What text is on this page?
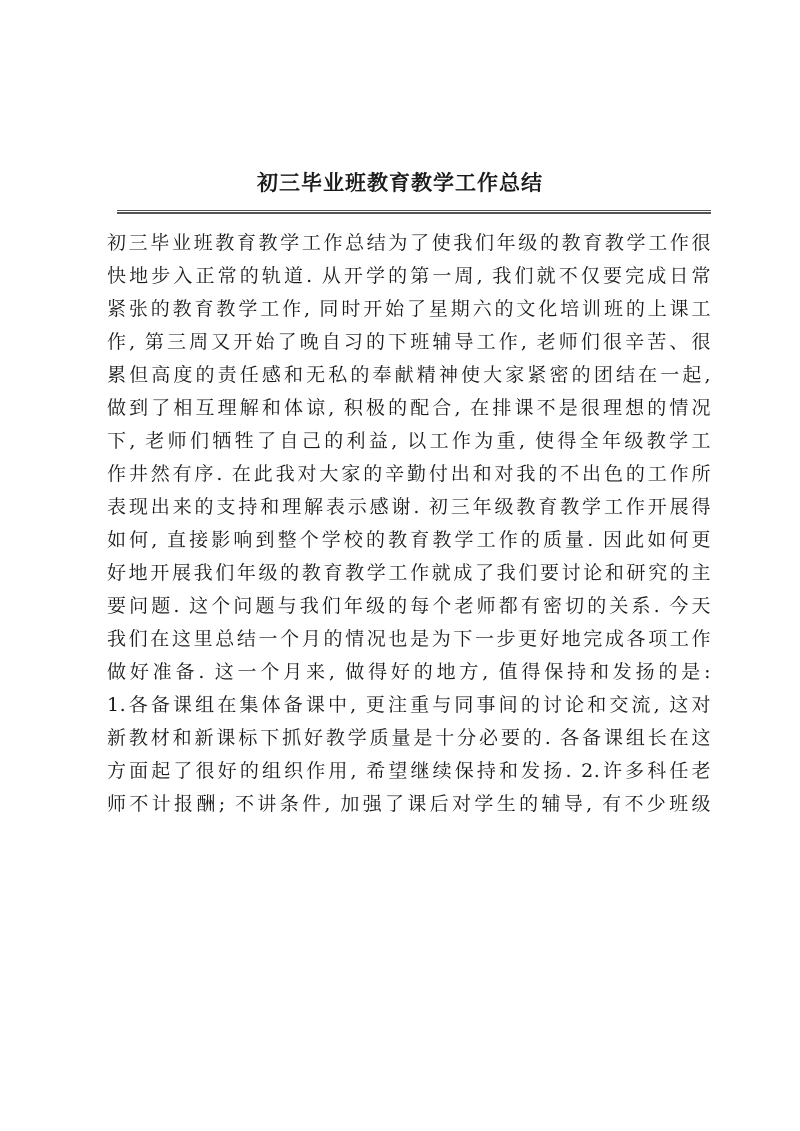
初三毕业班教育教学工作总结
初三毕业班教育教学工作总结为了使我们年级的教育教学工作很
快地步入正常的轨道. 从开学的第一周, 我们就不仅要完成日常
紧张的教育教学工作, 同时开始了星期六的文化培训班的上课工
作, 第三周又开始了晚自习的下班辅导工作, 老师们很辛苦、很
累但高度的责任感和无私的奉献精神使大家紧密的团结在一起,
做到了相互理解和体谅, 积极的配合, 在排课不是很理想的情况
下, 老师们牺牲了自己的利益, 以工作为重, 使得全年级教学工
作井然有序. 在此我对大家的辛勤付出和对我的不出色的工作所
表现出来的支持和理解表示感谢. 初三年级教育教学工作开展得
如何, 直接影响到整个学校的教育教学工作的质量. 因此如何更
好地开展我们年级的教育教学工作就成了我们要讨论和研究的主
要问题. 这个问题与我们年级的每个老师都有密切的关系. 今天
我们在这里总结一个月的情况也是为下一步更好地完成各项工作
做好准备. 这一个月来, 做得好的地方, 值得保持和发扬的是:
1.各备课组在集体备课中, 更注重与同事间的讨论和交流, 这对
新教材和新课标下抓好教学质量是十分必要的. 各备课组长在这
方面起了很好的组织作用, 希望继续保持和发扬. 2.许多科任老
师不计报酬; 不讲条件, 加强了课后对学生的辅导, 有不少班级
